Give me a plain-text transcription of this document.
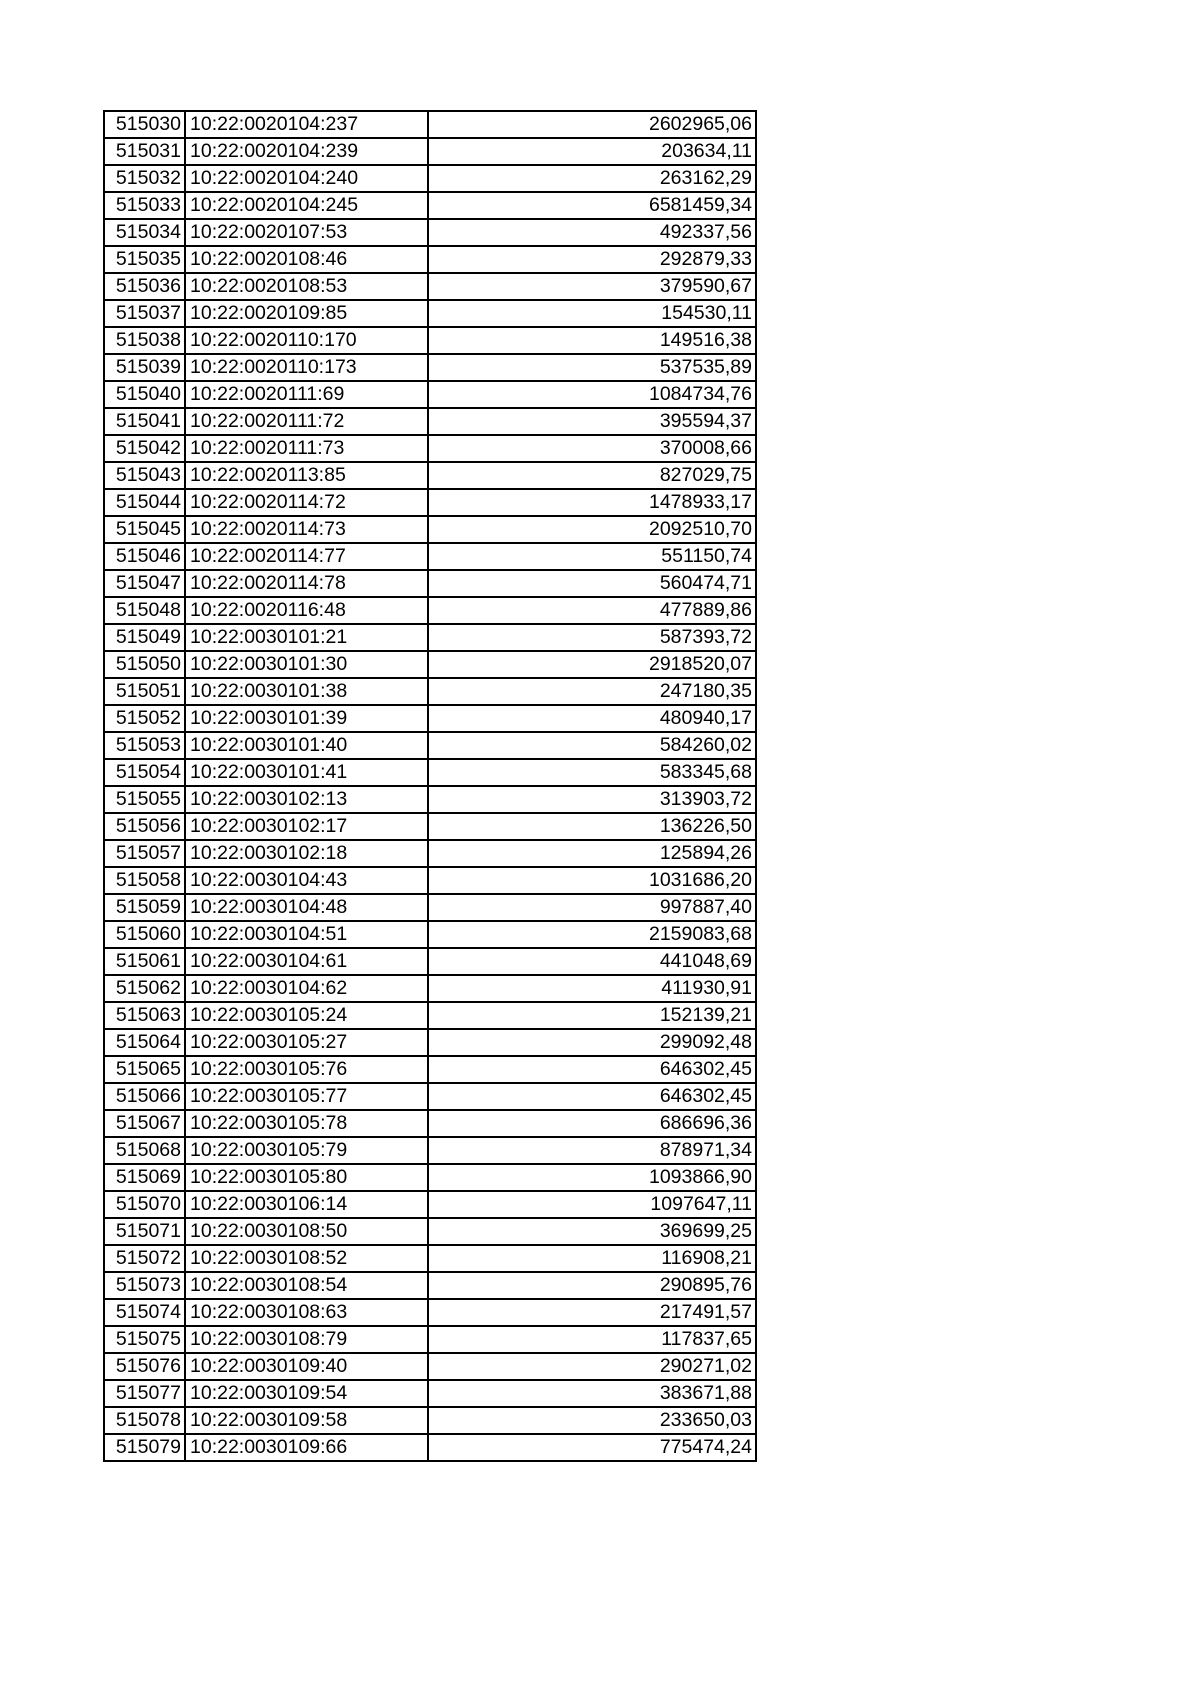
515030	10:22:0020104:237	2602965,06
515031	10:22:0020104:239	203634,11
515032	10:22:0020104:240	263162,29
515033	10:22:0020104:245	6581459,34
515034	10:22:0020107:53	492337,56
515035	10:22:0020108:46	292879,33
515036	10:22:0020108:53	379590,67
515037	10:22:0020109:85	154530,11
515038	10:22:0020110:170	149516,38
515039	10:22:0020110:173	537535,89
515040	10:22:0020111:69	1084734,76
515041	10:22:0020111:72	395594,37
515042	10:22:0020111:73	370008,66
515043	10:22:0020113:85	827029,75
515044	10:22:0020114:72	1478933,17
515045	10:22:0020114:73	2092510,70
515046	10:22:0020114:77	551150,74
515047	10:22:0020114:78	560474,71
515048	10:22:0020116:48	477889,86
515049	10:22:0030101:21	587393,72
515050	10:22:0030101:30	2918520,07
515051	10:22:0030101:38	247180,35
515052	10:22:0030101:39	480940,17
515053	10:22:0030101:40	584260,02
515054	10:22:0030101:41	583345,68
515055	10:22:0030102:13	313903,72
515056	10:22:0030102:17	136226,50
515057	10:22:0030102:18	125894,26
515058	10:22:0030104:43	1031686,20
515059	10:22:0030104:48	997887,40
515060	10:22:0030104:51	2159083,68
515061	10:22:0030104:61	441048,69
515062	10:22:0030104:62	411930,91
515063	10:22:0030105:24	152139,21
515064	10:22:0030105:27	299092,48
515065	10:22:0030105:76	646302,45
515066	10:22:0030105:77	646302,45
515067	10:22:0030105:78	686696,36
515068	10:22:0030105:79	878971,34
515069	10:22:0030105:80	1093866,90
515070	10:22:0030106:14	1097647,11
515071	10:22:0030108:50	369699,25
515072	10:22:0030108:52	116908,21
515073	10:22:0030108:54	290895,76
515074	10:22:0030108:63	217491,57
515075	10:22:0030108:79	117837,65
515076	10:22:0030109:40	290271,02
515077	10:22:0030109:54	383671,88
515078	10:22:0030109:58	233650,03
515079	10:22:0030109:66	775474,24
